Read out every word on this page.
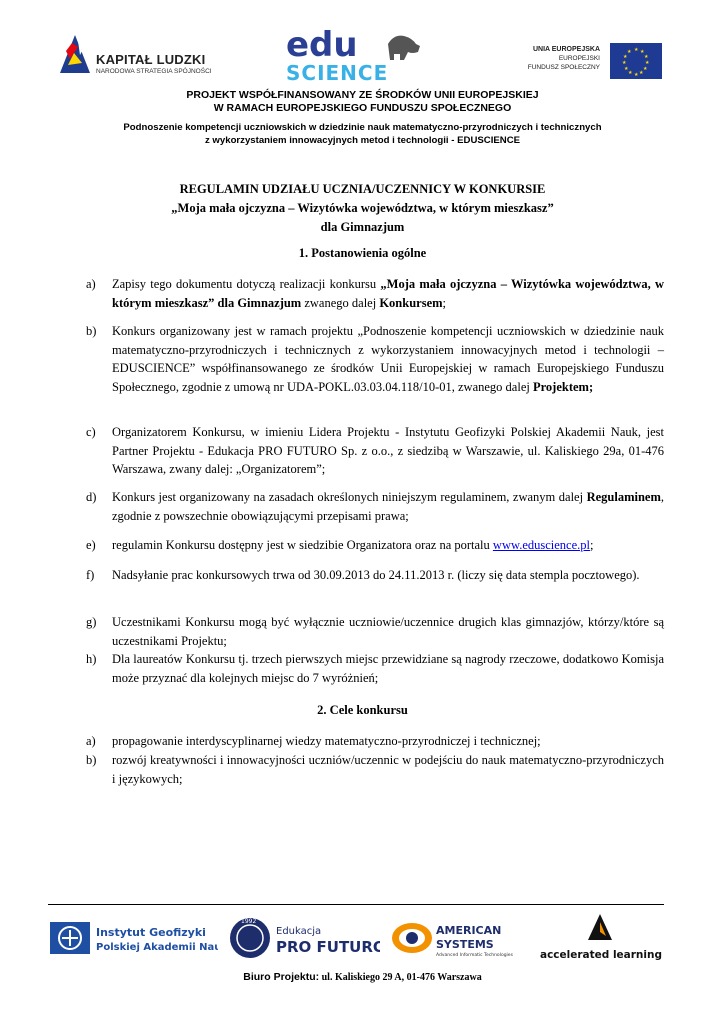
KAPITAŁ LUDZKI
NARODOWA STRATEGIA SPÓJNOŚCI
edu
SCIENCE
UNIA EUROPEJSKA
EUROPEJSKI
FUNDUSZ SPOŁECZNY
★ ★
★
★
★
★
★
★
★
★
★
★
PROJEKT WSPÓŁFINANSOWANY ZE ŚRODKÓW UNII EUROPEJSKIEJ
W RAMACH EUROPEJSKIEGO FUNDUSZU SPOŁECZNEGO
Podnoszenie kompetencji uczniowskich w dziedzinie nauk matematyczno-przyrodniczych i technicznych
z wykorzystaniem innowacyjnych metod i technologii - EDUSCIENCE
REGULAMIN UDZIAŁU UCZNIA/UCZENNICY W KONKURSIE
„Moja mała ojczyzna – Wizytówka województwa, w którym mieszkasz”
dla Gimnazjum
1. Postanowienia ogólne
a) Zapisy tego dokumentu dotyczą realizacji konkursu „Moja mała ojczyzna – Wizytówka województwa, w którym mieszkasz” dla Gimnazjum zwanego dalej Konkursem;
b) Konkurs organizowany jest w ramach projektu „Podnoszenie kompetencji uczniowskich w dziedzinie nauk matematyczno-przyrodniczych i technicznych z wykorzystaniem innowacyjnych metod i technologii – EDUSCIENCE” współfinansowanego ze środków Unii Europejskiej w ramach Europejskiego Funduszu Społecznego, zgodnie z umową nr UDA-POKL.03.03.04.118/10-01, zwanego dalej Projektem;
c) Organizatorem Konkursu, w imieniu Lidera Projektu - Instytutu Geofizyki Polskiej Akademii Nauk, jest Partner Projektu - Edukacja PRO FUTURO Sp. z o.o., z siedzibą w Warszawie, ul. Kaliskiego 29a, 01-476 Warszawa, zwany dalej: „Organizatorem”;
d) Konkurs jest organizowany na zasadach określonych niniejszym regulaminem, zwanym dalej Regulaminem, zgodnie z powszechnie obowiązującymi przepisami prawa;
e) regulamin Konkursu dostępny jest w siedzibie Organizatora oraz na portalu www.eduscience.pl;
f) Nadsyłanie prac konkursowych trwa od 30.09.2013 do 24.11.2013 r. (liczy się data stempla pocztowego).
g) Uczestnikami Konkursu mogą być wyłącznie uczniowie/uczennice drugich klas gimnazjów, którzy/które są uczestnikami Projektu;
h) Dla laureatów Konkursu tj. trzech pierwszych miejsc przewidziane są nagrody rzeczowe, dodatkowo Komisja może przyznać dla kolejnych miejsc do 7 wyróżnień;
2. Cele konkursu
a) propagowanie interdyscyplinarnej wiedzy matematyczno-przyrodniczej i technicznej;
b) rozwój kreatywności i innowacyjności uczniów/uczennic w podejściu do nauk matematyczno-przyrodniczych i językowych;
Instytut Geofizyki
Polskiej Akademii Nauk
1992
Edukacja
PRO FUTURO
AMERICAN
SYSTEMS
Advanced Informatic Technologies	accelerated learning
Biuro Projektu: ul. Kaliskiego 29 A, 01-476 Warszawa
